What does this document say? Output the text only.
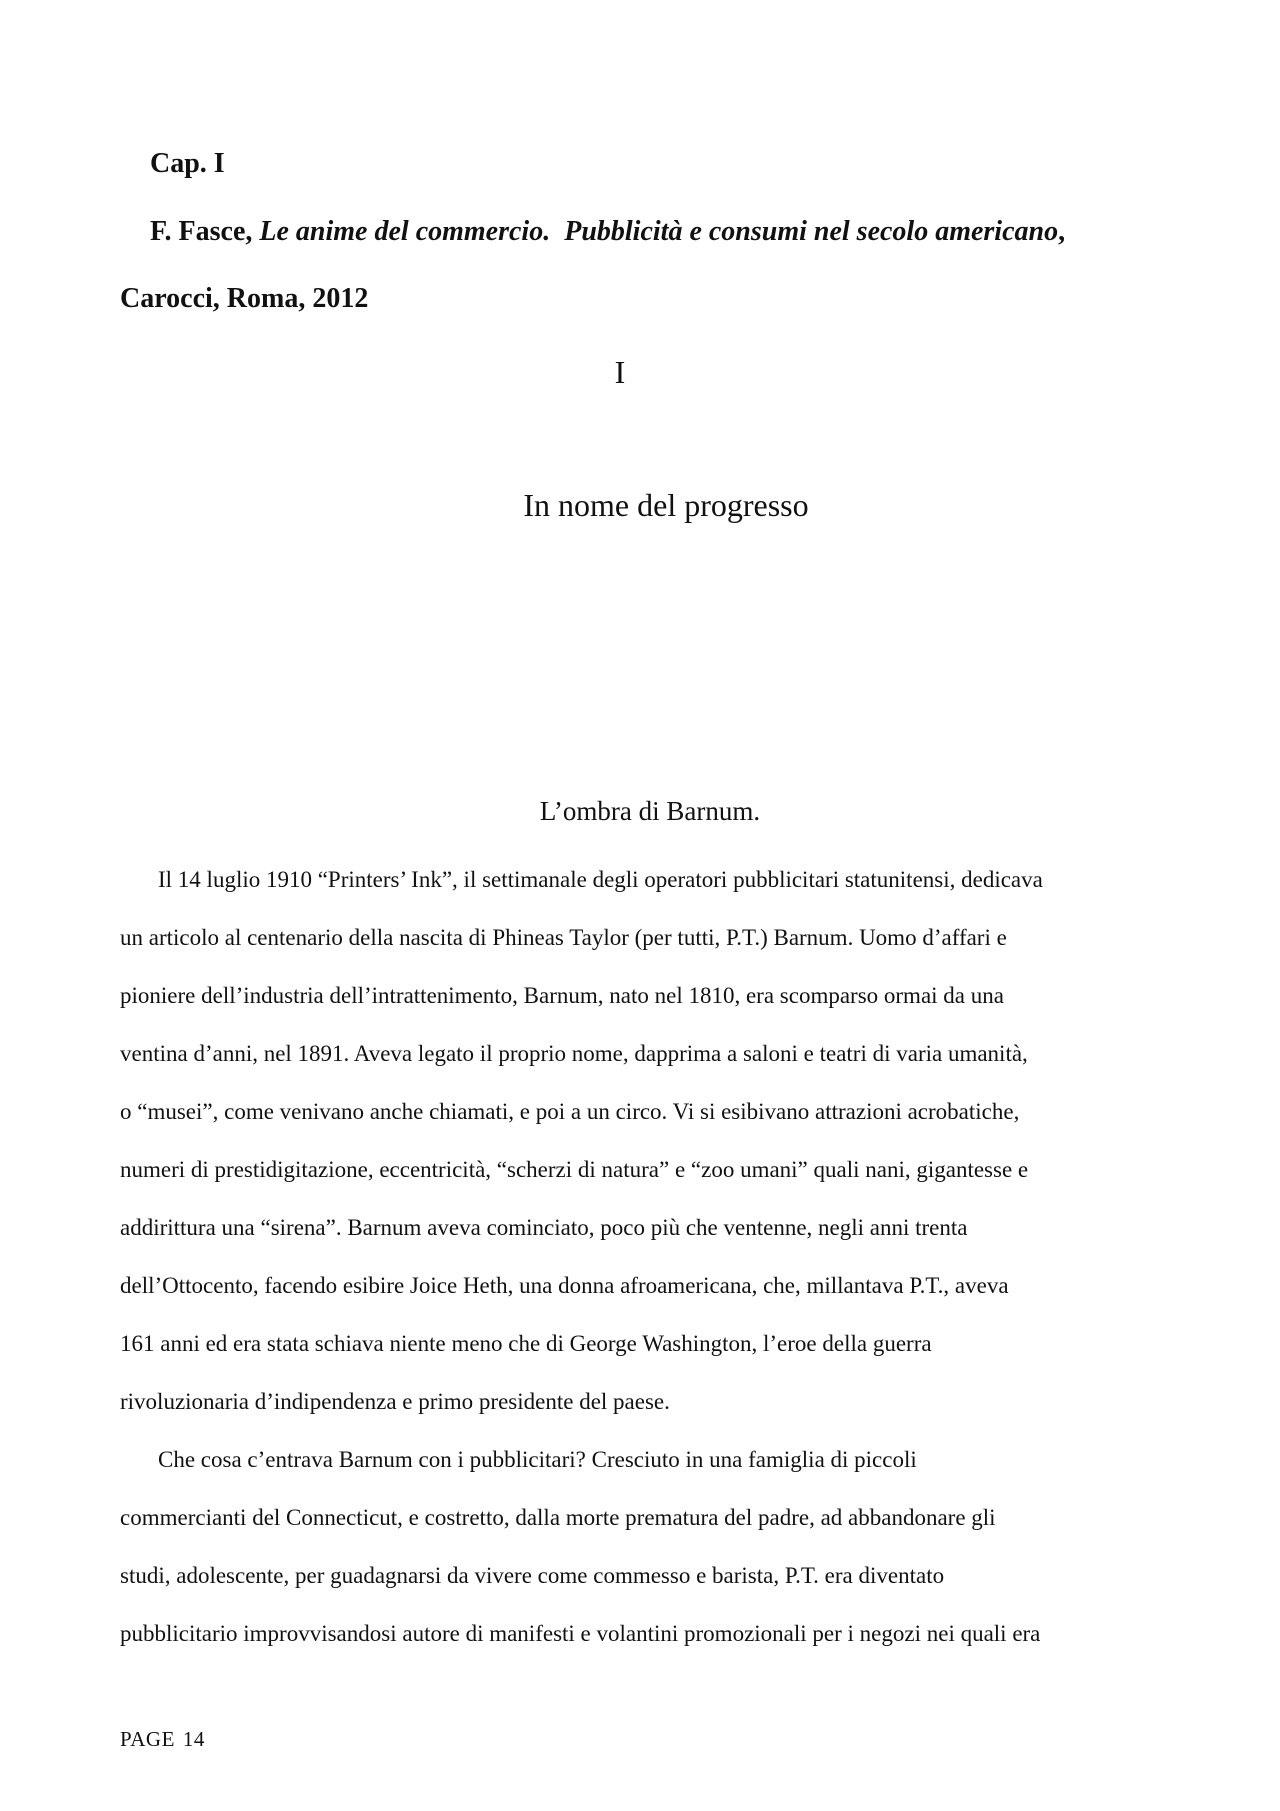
Cap. I
F. Fasce, Le anime del commercio. Pubblicità e consumi nel secolo americano,
Carocci, Roma, 2012
I
In nome del progresso
L’ombra di Barnum.
Il 14 luglio 1910 “Printers’ Ink”, il settimanale degli operatori pubblicitari statunitensi, dedicava
un articolo al centenario della nascita di Phineas Taylor (per tutti, P.T.) Barnum. Uomo d’affari e
pioniere dell’industria dell’intrattenimento, Barnum, nato nel 1810, era scomparso ormai da una
ventina d’anni, nel 1891. Aveva legato il proprio nome, dapprima a saloni e teatri di varia umanità,
o “musei”, come venivano anche chiamati, e poi a un circo. Vi si esibivano attrazioni acrobatiche,
numeri di prestidigitazione, eccentricità, “scherzi di natura” e “zoo umani” quali nani, gigantesse e
addirittura una “sirena”. Barnum aveva cominciato, poco più che ventenne, negli anni trenta
dell’Ottocento, facendo esibire Joice Heth, una donna afroamericana, che, millantava P.T., aveva
161 anni ed era stata schiava niente meno che di George Washington, l’eroe della guerra
rivoluzionaria d’indipendenza e primo presidente del paese.
Che cosa c’entrava Barnum con i pubblicitari? Cresciuto in una famiglia di piccoli
commercianti del Connecticut, e costretto, dalla morte prematura del padre, ad abbandonare gli
studi, adolescente, per guadagnarsi da vivere come commesso e barista, P.T. era diventato
pubblicitario improvvisandosi autore di manifesti e volantini promozionali per i negozi nei quali era
PAGE 14
